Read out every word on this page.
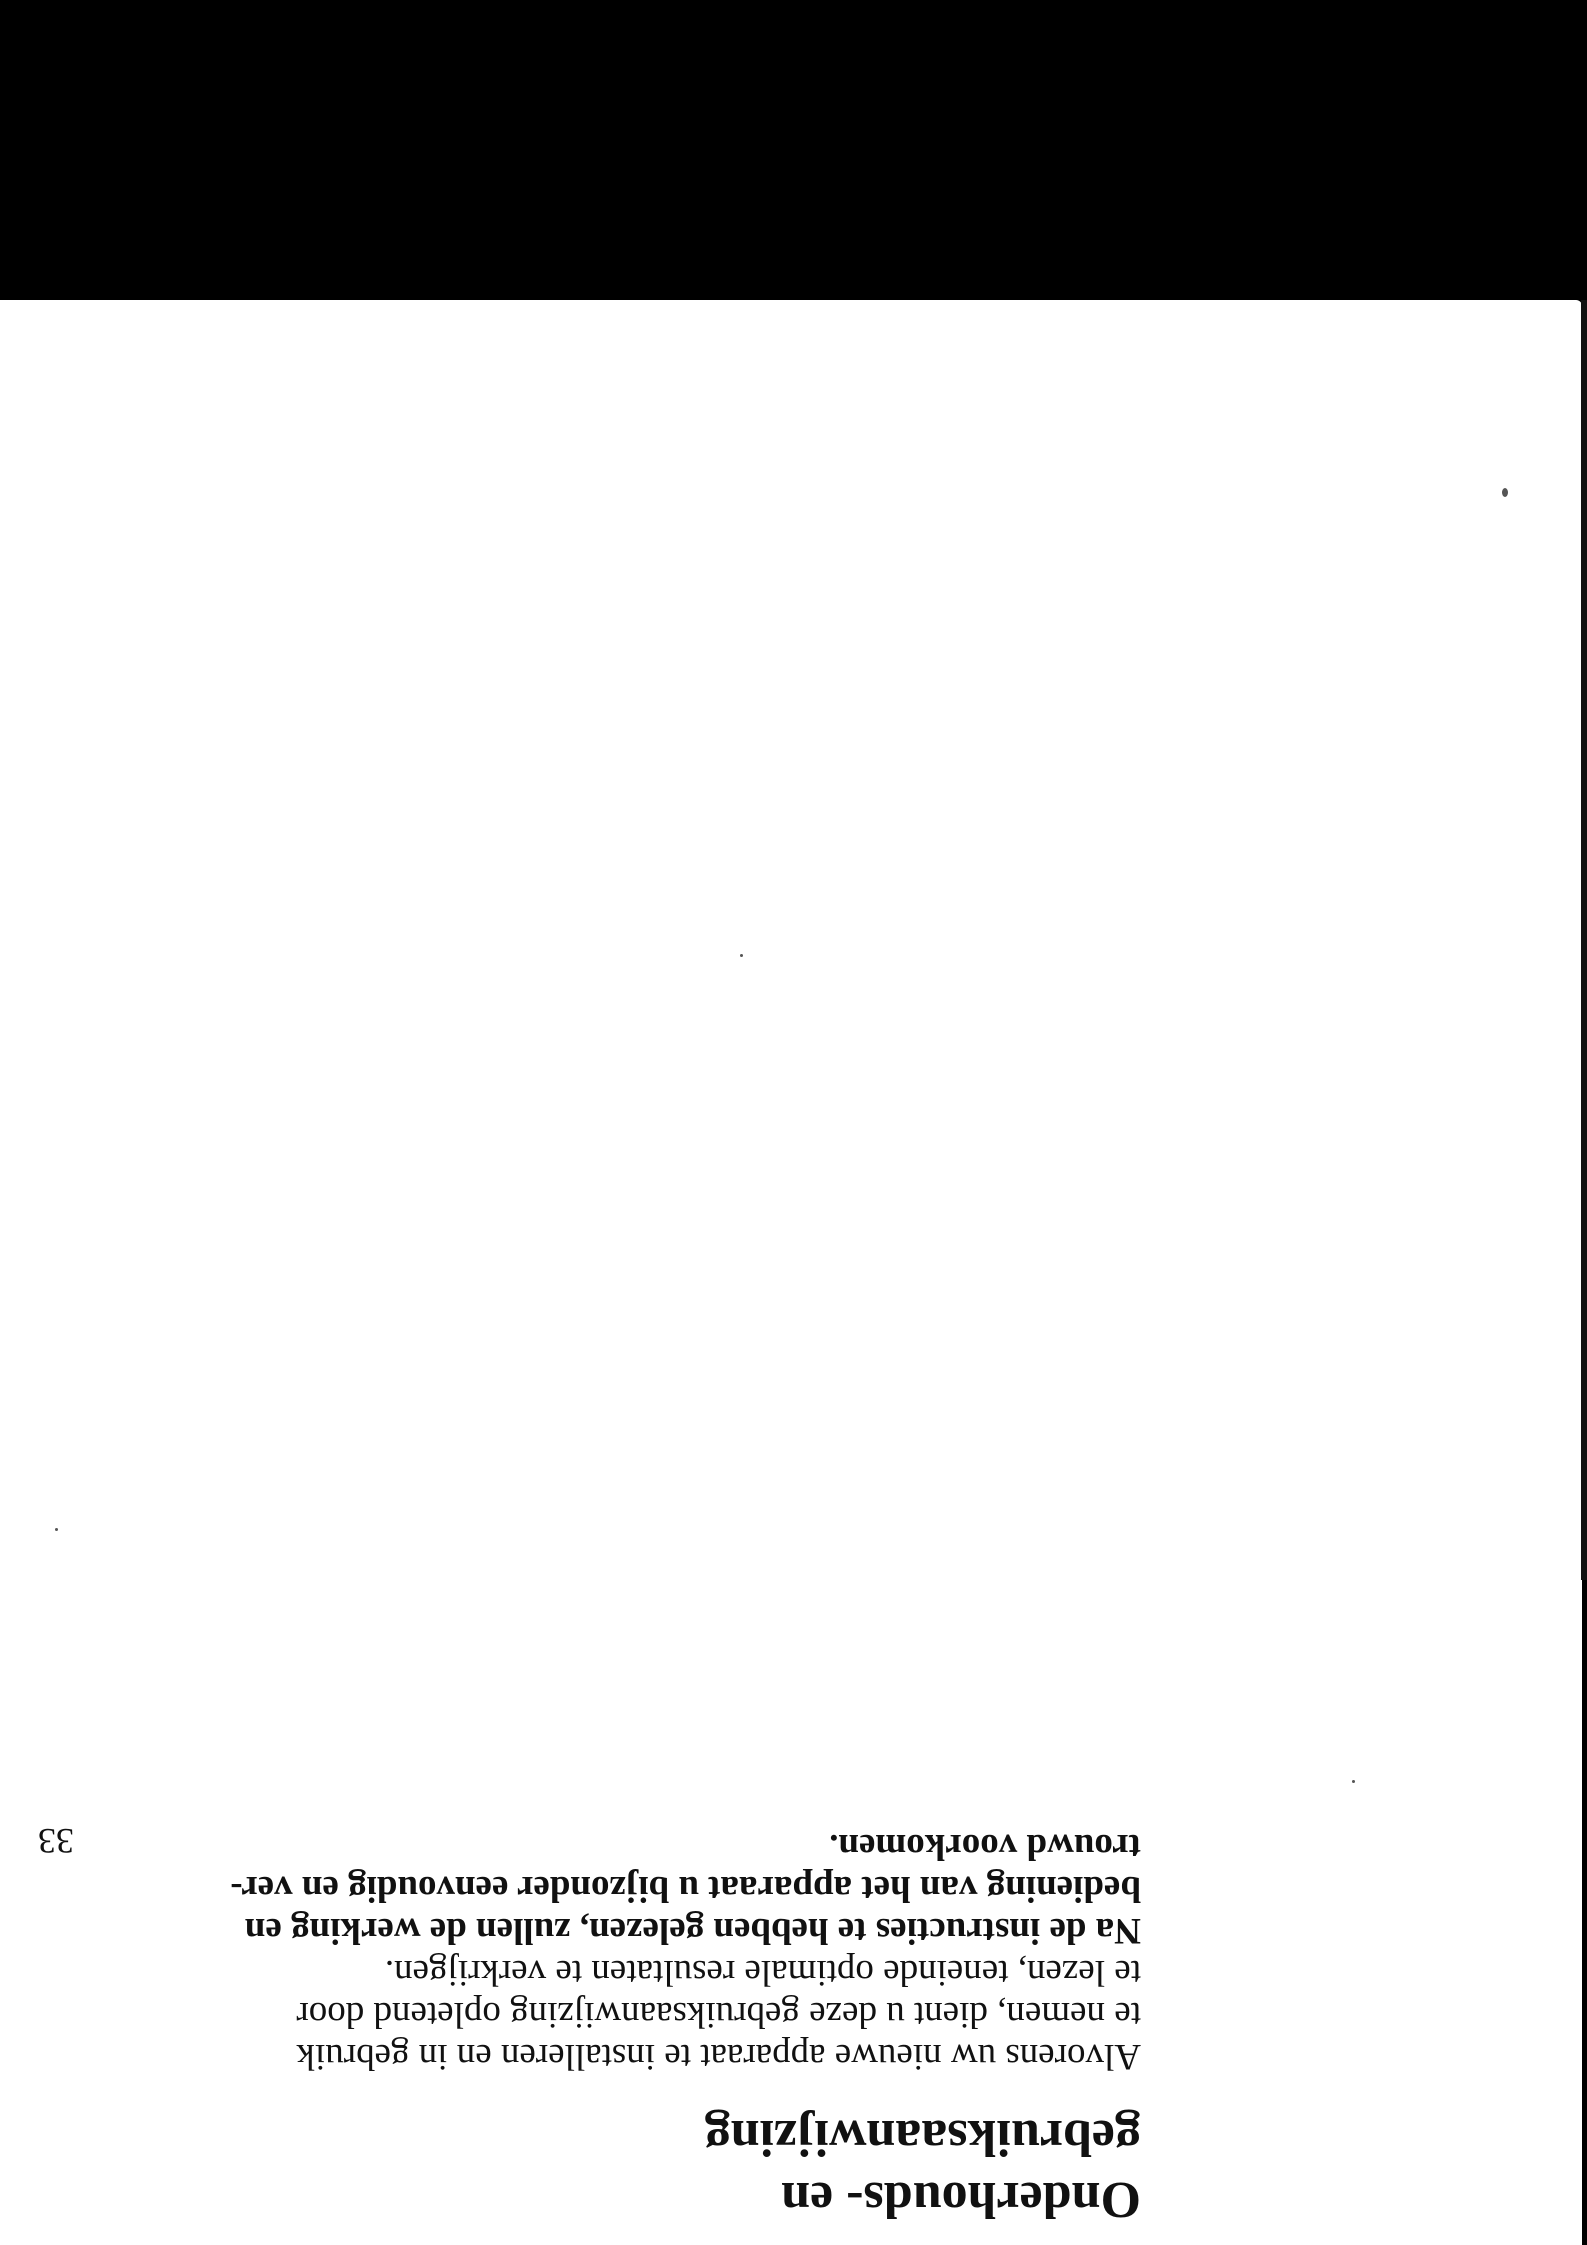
33
Onderhouds- en
gebruiksaanwijzing
Alvorens uw nieuwe apparaat te installeren en in gebruik
te nemen, dient u deze gebruiksaanwijzing opletend door
te lezen, teneinde optimale resultaten te verkrijgen.
Na de instructies te hebben gelezen, zullen de werking en
bediening van het apparaat u bijzonder eenvoudig en ver-
trouwd voorkomen.
